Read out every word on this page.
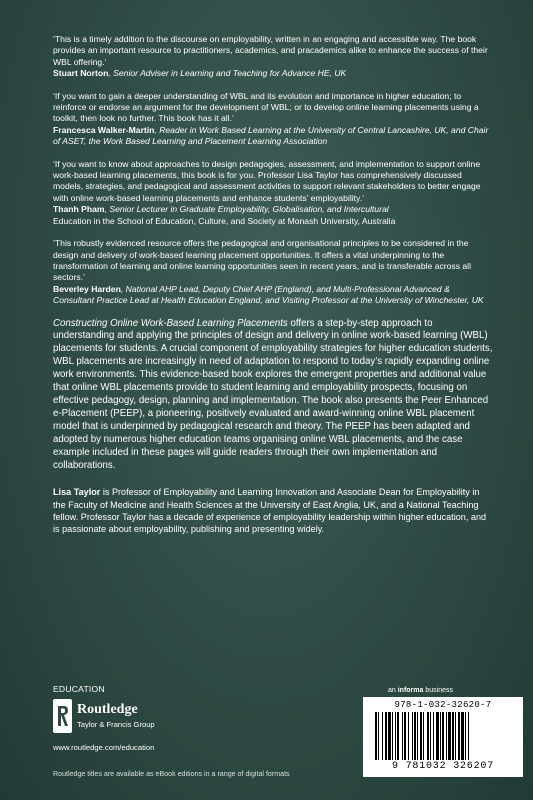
‘This is a timely addition to the discourse on employability, written in an engaging and accessible way. The book provides an important resource to practitioners, academics, and pracademics alike to enhance the success of their WBL offering.’

Stuart Norton, Senior Adviser in Learning and Teaching for Advance HE, UK

‘If you want to gain a deeper understanding of WBL and its evolution and importance in higher education; to reinforce or endorse an argument for the development of WBL; or to develop online learning placements using a toolkit, then look no further. This book has it all.’

Francesca Walker-Martin, Reader in Work Based Learning at the University of Central Lancashire, UK, and Chair of ASET, the Work Based Learning and Placement Learning Association

‘If you want to know about approaches to design pedagogies, assessment, and implementation to support online work-based learning placements, this book is for you. Professor Lisa Taylor has comprehensively discussed models, strategies, and pedagogical and assessment activities to support relevant stakeholders to better engage with online work-based learning placements and enhance students’ employability.’

Thanh Pham, Senior Lecturer in Graduate Employability, Globalisation, and Intercultural
Education in the School of Education, Culture, and Society at Monash University, Australia

‘This robustly evidenced resource offers the pedagogical and organisational principles to be considered in the design and delivery of work-based learning placement opportunities. It offers a vital underpinning to the transformation of learning and online learning opportunities seen in recent years, and is transferable across all sectors.’

Beverley Harden, National AHP Lead, Deputy Chief AHP (England), and Multi-Professional Advanced & Consultant Practice Lead at Health Education England, and Visiting Professor at the University of Winchester, UK

Constructing Online Work-Based Learning Placements offers a step-by-step approach to understanding and applying the principles of design and delivery in online work-based learning (WBL) placements for students. A crucial component of employability strategies for higher education students, WBL placements are increasingly in need of adaptation to respond to today’s rapidly expanding online work environments. This evidence-based book explores the emergent properties and additional value that online WBL placements provide to student learning and employability prospects, focusing on effective pedagogy, design, planning and implementation. The book also presents the Peer Enhanced e-Placement (PEEP), a pioneering, positively evaluated and award-winning online WBL placement model that is underpinned by pedagogical research and theory. The PEEP has been adapted and adopted by numerous higher education teams organising online WBL placements, and the case example included in these pages will guide readers through their own implementation and collaborations.

Lisa Taylor is Professor of Employability and Learning Innovation and Associate Dean for Employability in the Faculty of Medicine and Health Sciences at the University of East Anglia, UK, and a National Teaching fellow. Professor Taylor has a decade of experience of employability leadership within higher education, and is passionate about employability, publishing and presenting widely.

EDUCATION
Routledge
Taylor & Francis Group
www.routledge.com/education
Routledge titles are available as eBook editions in a range of digital formats
an informa business
978-1-032-32620-7
9 781032 326207
